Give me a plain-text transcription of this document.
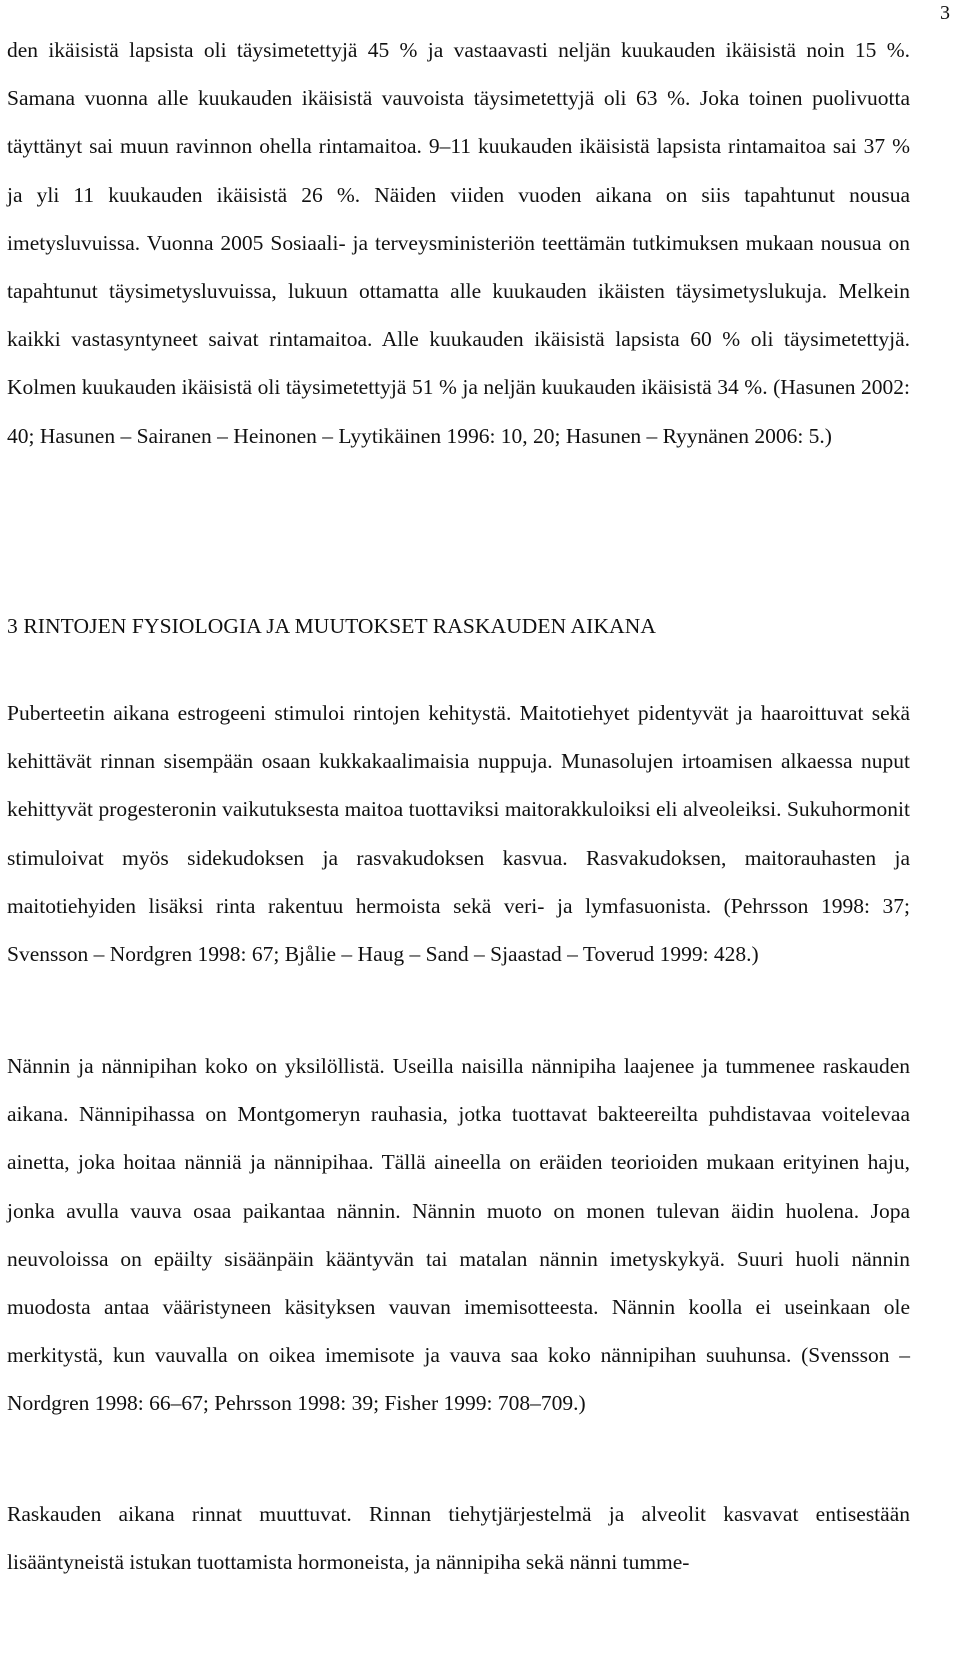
3

den ikäisistä lapsista oli täysimetettyjä 45 % ja vastaavasti neljän kuukauden ikäisistä noin 15 %. Samana vuonna alle kuukauden ikäisistä vauvoista täysimetettyjä oli 63 %. Joka toinen puolivuotta täyttänyt sai muun ravinnon ohella rintamaitoa. 9–11 kuukauden ikäisistä lapsista rintamaitoa sai 37 % ja yli 11 kuukauden ikäisistä 26 %. Näiden viiden vuoden aikana on siis tapahtunut nousua imetysluvuissa. Vuonna 2005 Sosiaali- ja terveysministeriön teettämän tutkimuksen mukaan nousua on tapahtunut täysimetysluvuissa, lukuun ottamatta alle kuukauden ikäisten täysimetyslukuja. Melkein kaikki vastasyntyneet saivat rintamaitoa. Alle kuukauden ikäisistä lapsista 60 % oli täysimetettyjä. Kolmen kuukauden ikäisistä oli täysimetettyjä 51 % ja neljän kuukauden ikäisistä 34 %. (Hasunen 2002: 40; Hasunen – Sairanen – Heinonen – Lyytikäinen 1996: 10, 20; Hasunen – Ryynänen 2006: 5.)

3 RINTOJEN FYSIOLOGIA JA MUUTOKSET RASKAUDEN AIKANA

Puberteetin aikana estrogeeni stimuloi rintojen kehitystä. Maitotiehyet pidentyvät ja haaroittuvat sekä kehittävät rinnan sisempään osaan kukkakaalimaisia nuppuja. Munasolujen irtoamisen alkaessa nuput kehittyvät progesteronin vaikutuksesta maitoa tuottaviksi maitorakkuloiksi eli alveoleiksi. Sukuhormonit stimuloivat myös sidekudoksen ja rasvakudoksen kasvua. Rasvakudoksen, maitorauhasten ja maitotiehyiden lisäksi rinta rakentuu hermoista sekä veri- ja lymfasuonista. (Pehrsson 1998: 37; Svensson – Nordgren 1998: 67; Bjålie – Haug – Sand – Sjaastad – Toverud 1999: 428.)

Nännin ja nännipihan koko on yksilöllistä. Useilla naisilla nännipiha laajenee ja tummenee raskauden aikana. Nännipihassa on Montgomeryn rauhasia, jotka tuottavat bakteereilta puhdistavaa voitelevaa ainetta, joka hoitaa nänniä ja nännipihaa. Tällä aineella on eräiden teorioiden mukaan erityinen haju, jonka avulla vauva osaa paikantaa nännin. Nännin muoto on monen tulevan äidin huolena. Jopa neuvoloissa on epäilty sisäänpäin kääntyvän tai matalan nännin imetyskykyä. Suuri huoli nännin muodosta antaa vääristyneen käsityksen vauvan imemisotteesta. Nännin koolla ei useinkaan ole merkitystä, kun vauvalla on oikea imemisote ja vauva saa koko nännipihan suuhunsa. (Svensson – Nordgren 1998: 66–67; Pehrsson 1998: 39; Fisher 1999: 708–709.)

Raskauden aikana rinnat muuttuvat. Rinnan tiehytjärjestelmä ja alveolit kasvavat entisestään lisääntyneistä istukan tuottamista hormoneista, ja nännipiha sekä nänni tumme-
